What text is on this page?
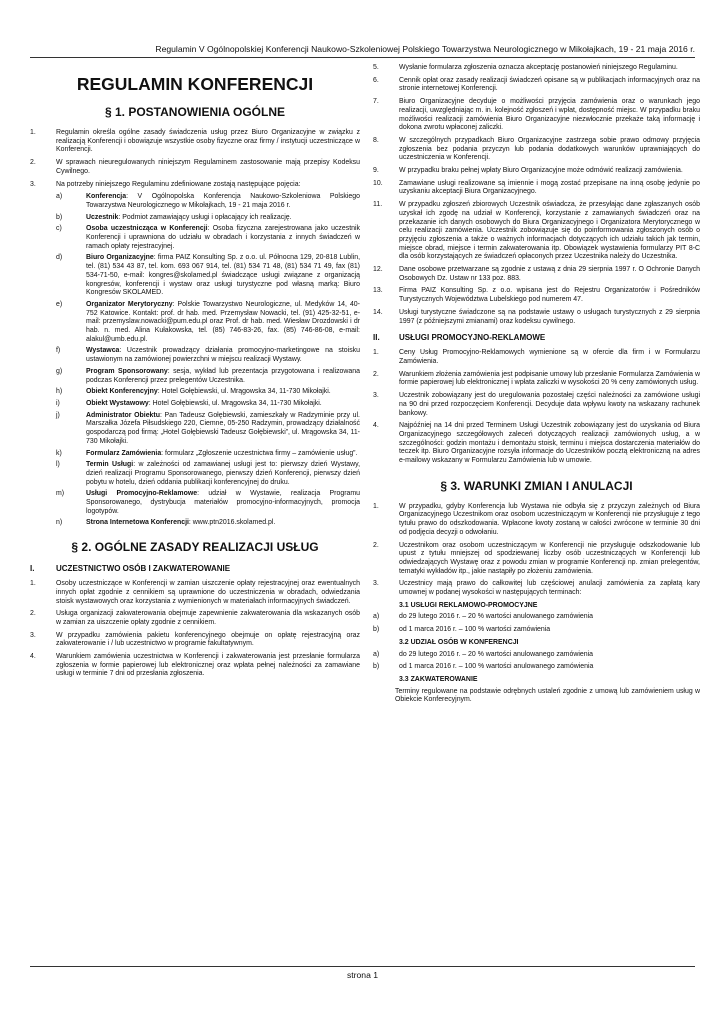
Regulamin V Ogólnopolskiej Konferencji Naukowo-Szkoleniowej Polskiego Towarzystwa Neurologicznego w Mikołajkach, 19 - 21 maja 2016 r.
REGULAMIN KONFERENCJI
§ 1. POSTANOWIENIA OGÓLNE
1.	Regulamin określa ogólne zasady świadczenia usług przez Biuro Organizacyjne w związku z realizacją Konferencji i obowiązuje wszystkie osoby fizyczne oraz firmy / instytucji uczestniczące w Konferencji.
2.	W sprawach nieuregulowanych niniejszym Regulaminem zastosowanie mają przepisy Kodeksu Cywilnego.
3.	Na potrzeby niniejszego Regulaminu zdefiniowane zostają następujące pojęcia:
a)	Konferencja: V Ogólnopolska Konferencja Naukowo-Szkoleniowa Polskiego Towarzystwa Neurologicznego w Mikołajkach, 19 - 21 maja 2016 r.
b)	Uczestnik: Podmiot zamawiający usługi i opłacający ich realizację.
c)	Osoba uczestnicząca w Konferencji: Osoba fizyczna zarejestrowana jako uczestnik Konferencji i uprawniona do udziału w obradach i korzystania z innych świadczeń w ramach opłaty rejestracyjnej.
d)	Biuro Organizacyjne: firma PAIZ Konsulting Sp. z o.o. ul. Północna 129, 20-818 Lublin, tel. (81) 534 43 87, tel. kom. 693 067 914, tel. (81) 534 71 48, (81) 534 71 49, fax (81) 534-71-50, e-mail: kongres@skolamed.pl świadczące usługi związane z organizacją kongresów, konferencji i wystaw oraz usługi turystyczne pod własną marką: Biuro Kongresów SKOLAMED.
e)	Organizator Merytoryczny: Polskie Towarzystwo Neurologiczne, ul. Medyków 14, 40-752 Katowice. Kontakt: prof. dr hab. med. Przemysław Nowacki, tel. (91) 425-32-51, e-mail: przemyslaw.nowacki@pum.edu.pl oraz Prof. dr hab. med. Wiesław Drozdowski i dr hab. n. med. Alina Kułakowska, tel. (85) 746-83-26, fax. (85) 746-86-08, e-mail: alakul@umb.edu.pl.
f)	Wystawca: Uczestnik prowadzący działania promocyjno-marketingowe na stoisku ustawionym na zamówionej powierzchni w miejscu realizacji Wystawy.
g)	Program Sponsorowany: sesja, wykład lub prezentacja przygotowana i realizowana podczas Konferencji przez prelegentów Uczestnika.
h)	Obiekt Konferencyjny: Hotel Gołębiewski, ul. Mrągowska 34, 11-730 Mikołajki.
i)	Obiekt Wystawowy: Hotel Gołębiewski, ul. Mrągowska 34, 11-730 Mikołajki.
j)	Administrator Obiektu: Pan Tadeusz Gołębiewski, zamieszkały w Radzyminie przy ul. Marszałka Józefa Piłsudskiego 220, Ciemne, 05-250 Radzymin, prowadzący działalność gospodarczą pod firmą: „Hotel Gołębiewski Tadeusz Gołębiewski”, ul. Mrągowska 34, 11-730 Mikołajki.
k)	Formularz Zamówienia: formularz „Zgłoszenie uczestnictwa firmy – zamówienie usług”.
l)	Termin Usługi: w zależności od zamawianej usługi jest to: pierwszy dzień Wystawy, dzień realizacji Programu Sponsorowanego, pierwszy dzień Konferencji, pierwszy dzień pobytu w hotelu, dzień oddania publikacji konferencyjnej do druku.
m)	Usługi Promocyjno-Reklamowe: udział w Wystawie, realizacja Programu Sponsorowanego, dystrybucja materiałów promocyjno-informacyjnych, promocja logotypów.
n)	Strona Internetowa Konferencji: www.ptn2016.skolamed.pl.
§ 2. OGÓLNE ZASADY REALIZACJI USŁUG
I.	UCZESTNICTWO OSÓB I ZAKWATEROWANIE
1.	Osoby uczestniczące w Konferencji w zamian uiszczenie opłaty rejestracyjnej oraz ewentualnych innych opłat zgodnie z cennikiem są uprawnione do uczestniczenia w obradach, odwiedzania stoisk wystawowych oraz korzystania z wymienionych w materiałach informacyjnych świadczeń.
2.	Usługa organizacji zakwaterowania obejmuje zapewnienie zakwaterowania dla wskazanych osób w zamian za uiszczenie opłaty zgodnie z cennikiem.
3.	W przypadku zamówienia pakietu konferencyjnego obejmuje on opłatę rejestracyjną oraz zakwaterowanie i / lub uczestnictwo w programie fakultatywnym.
4.	Warunkiem zamówienia uczestnictwa w Konferencji i zakwaterowania jest przesłanie formularza zgłoszenia w formie papierowej lub elektronicznej oraz wpłata pełnej należności za zamawiane usługi w terminie 7 dni od przesłania zgłoszenia.
5.	Wysłanie formularza zgłoszenia oznacza akceptację postanowień niniejszego Regulaminu.
6.	Cennik opłat oraz zasady realizacji świadczeń opisane są w publikacjach informacyjnych oraz na stronie internetowej Konferencji.
7.	Biuro Organizacyjne decyduje o możliwości przyjęcia zamówienia oraz o warunkach jego realizacji, uwzględniając m. in. kolejność zgłoszeń i wpłat, dostępność miejsc. W przypadku braku możliwości realizacji zamówienia Biuro Organizacyjne niezwłocznie przekaże taką informację i dokona zwrotu wpłaconej zaliczki.
8.	W szczególnych przypadkach Biuro Organizacyjne zastrzega sobie prawo odmowy przyjęcia zgłoszenia bez podania przyczyn lub podania dodatkowych warunków uprawniających do uczestniczenia w Konferencji.
9.	W przypadku braku pełnej wpłaty Biuro Organizacyjne może odmówić realizacji zamówienia.
10. Zamawiane usługi realizowane są imiennie i mogą zostać przepisane na inną osobę jedynie po uzyskaniu akceptacji Biura Organizacyjnego.
11. W przypadku zgłoszeń zbiorowych Uczestnik oświadcza, że przesyłając dane zgłaszanych osób uzyskał ich zgodę na udział w Konferencji, korzystanie z zamawianych świadczeń oraz na przekazanie ich danych osobowych do Biura Organizacyjnego i Organizatora Merytorycznego w celu realizacji zamówienia. Uczestnik zobowiązuje się do poinformowania zgłoszonych osób o przyjęciu zgłoszenia a także o ważnych informacjach dotyczących ich udziału takich jak termin, miejsce obrad, miejsce i termin zakwaterowania itp. Obowiązek wystawienia formularzy PIT 8-C dla osób korzystających ze świadczeń opłaconych przez Uczestnika należy do Uczestnika.
12. Dane osobowe przetwarzane są zgodnie z ustawą z dnia 29 sierpnia 1997 r. O Ochronie Danych Osobowych Dz. Ustaw nr 133 poz. 883.
13. Firma PAIZ Konsulting Sp. z o.o. wpisana jest do Rejestru Organizatorów i Pośredników Turystycznych Województwa Lubelskiego pod numerem 47.
14. Usługi turystyczne świadczone są na podstawie ustawy o usługach turystycznych z 29 sierpnia 1997 (z późniejszymi zmianami) oraz kodeksu cywilnego.
II. USŁUGI PROMOCYJNO-REKLAMOWE
1.	Ceny Usług Promocyjno-Reklamowych wymienione są w ofercie dla firm i w Formularzu Zamówienia.
2.	Warunkiem złożenia zamówienia jest podpisanie umowy lub przesłanie Formularza Zamówienia w formie papierowej lub elektronicznej i wpłata zaliczki w wysokości 20 % ceny zamówionych usług.
3.	Uczestnik zobowiązany jest do uregulowania pozostałej części należności za zamówione usługi na 90 dni przed rozpoczęciem Konferencji. Decyduje data wpływu kwoty na wskazany rachunek bankowy.
4.	Najpóźniej na 14 dni przed Terminem Usługi Uczestnik zobowiązany jest do uzyskania od Biura Organizacyjnego szczegółowych zaleceń dotyczących realizacji zamówionych usług, a w szczególności: godzin montażu i demontażu stoisk, terminu i miejsca dostarczenia materiałów do teczek itp. Biuro Organizacyjne rozsyła informacje do Uczestników pocztą elektroniczną na adres e-mailowy wskazany w Formularzu Zamówienia lub w umowie.
§ 3. WARUNKI ZMIAN I ANULACJI
1.	W przypadku, gdyby Konferencja lub Wystawa nie odbyła się z przyczyn zależnych od Biura Organizacyjnego Uczestnikom oraz osobom uczestniczącym w Konferencji nie przysługuje z tego tytułu prawo do odszkodowania. Wpłacone kwoty zostaną w całości zwrócone w terminie 30 dni od podjęcia decyzji o odwołaniu.
2.	Uczestnikom oraz osobom uczestniczącym w Konferencji nie przysługuje odszkodowanie lub upust z tytułu mniejszej od spodziewanej liczby osób uczestniczących w Konferencji lub odwiedzających Wystawę oraz z powodu zmian w programie Konferencji np. zmian prelegentów, tematyki wykładów itp., jakie nastąpiły po złożeniu zamówienia.
3.	Uczestnicy mają prawo do całkowitej lub częściowej anulacji zamówienia za zapłatą kary umownej w podanej wysokości w następujących terminach:
3.1 USŁUGI REKLAMOWO-PROMOCYJNE
a)	do 29 lutego 2016 r. – 20 % wartości anulowanego zamówienia
b)	od 1 marca 2016 r. – 100 % wartości zamówienia
3.2 UDZIAŁ OSÓB W KONFERENCJI
a)	do 29 lutego 2016 r. – 20 % wartości anulowanego zamówienia
b)	od 1 marca 2016 r. – 100 % wartości anulowanego zamówienia
3.3 ZAKWATEROWANIE
Terminy regulowane na podstawie odrębnych ustaleń zgodnie z umową lub zamówieniem usług w Obiekcie Konferecyjnym.
strona 1
